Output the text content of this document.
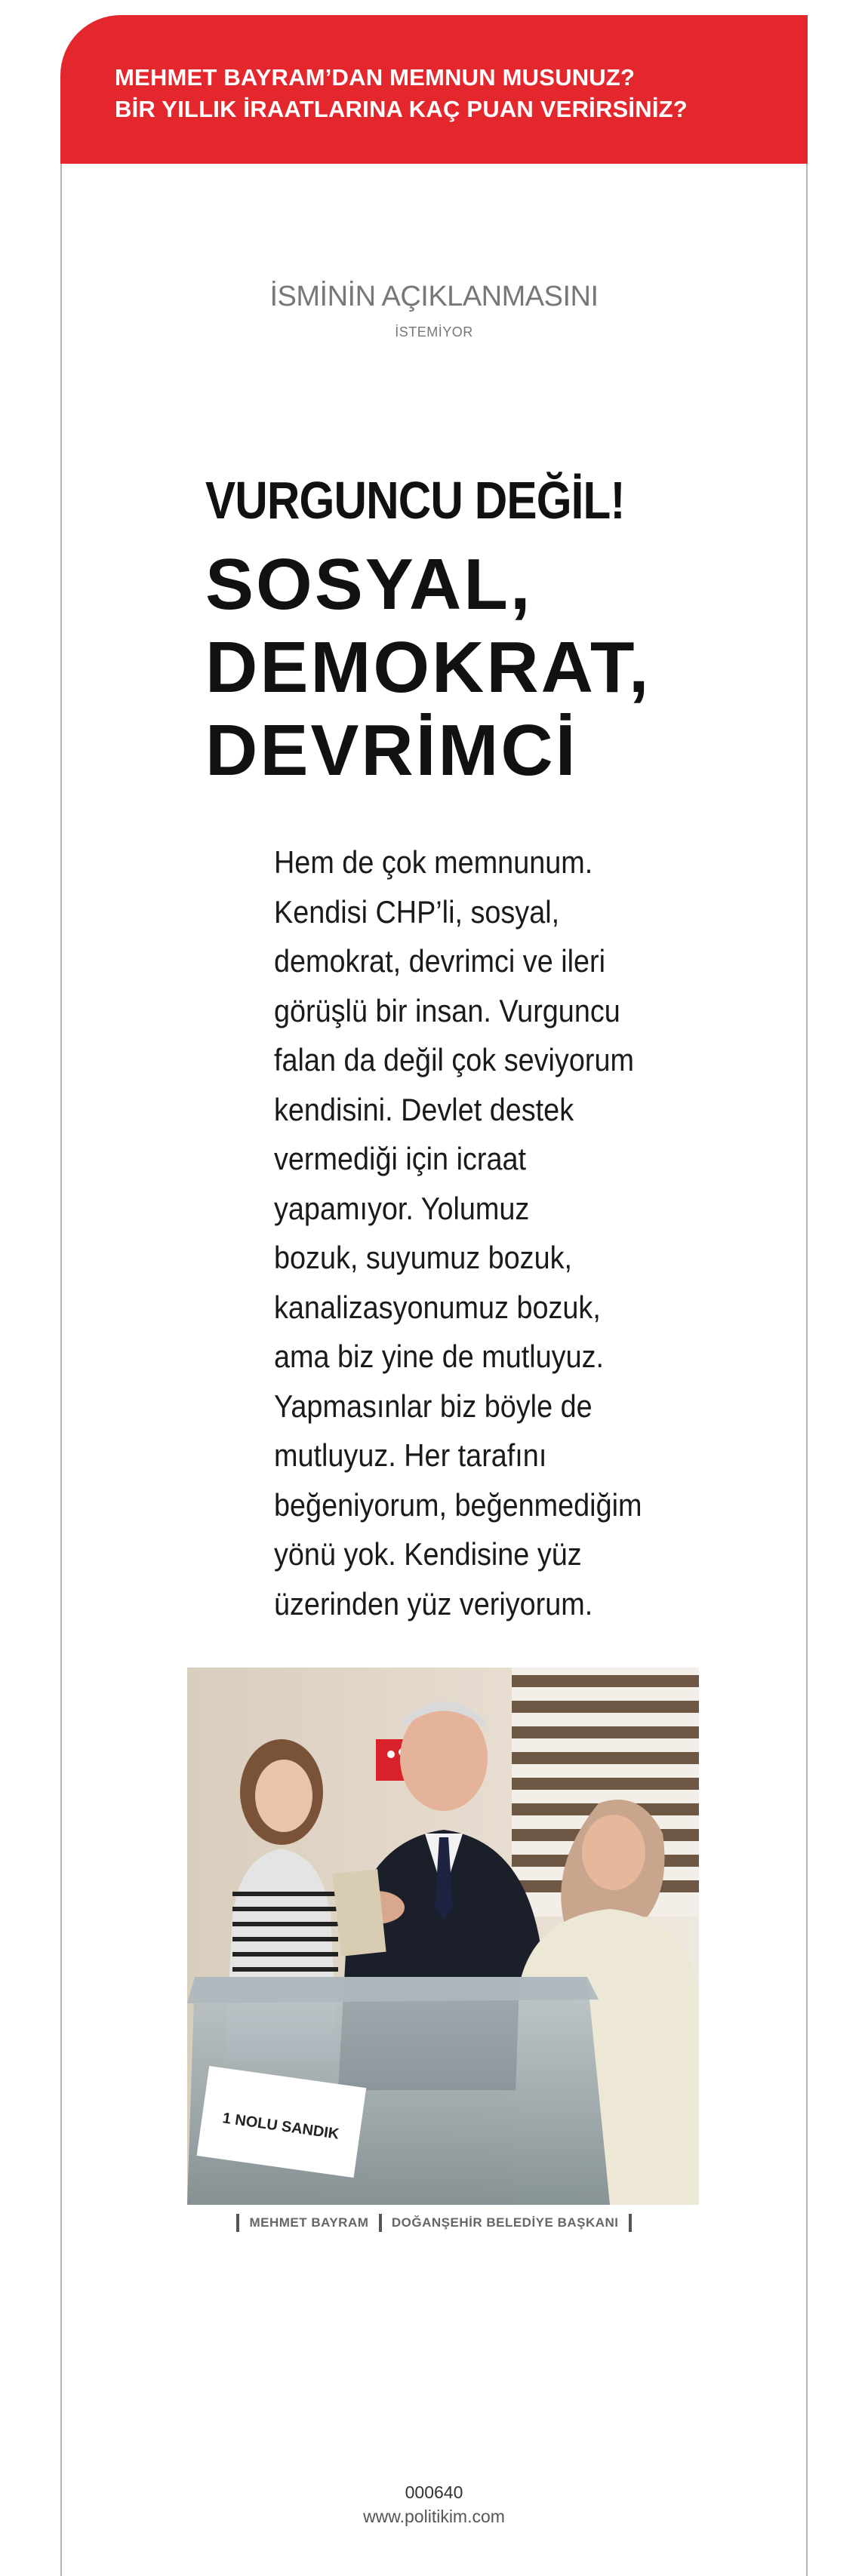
MEHMET BAYRAM’DAN MEMNUN MUSUNUZ?
BİR YILLIK İRAATLARINA KAÇ PUAN VERİRSİNİZ?
İSMİNİN AÇIKLANMASINI
İSTEMİYOR
VURGUNCU DEĞİL!
SOSYAL,
DEMOKRAT,
DEVRİMCİ
Hem de çok memnunum.
Kendisi CHP’li, sosyal,
demokrat, devrimci ve ileri
görüşlü bir insan. Vurguncu
falan da değil çok seviyorum
kendisini. Devlet destek
vermediği için icraat
yapamıyor. Yolumuz
bozuk, suyumuz bozuk,
kanalizasyonumuz bozuk,
ama biz yine de mutluyuz.
Yapmasınlar biz böyle de
mutluyuz. Her tarafını
beğeniyorum, beğenmediğim
yönü yok. Kendisine yüz
üzerinden yüz veriyorum.
1 NOLU SANDIK
MEHMET BAYRAM DOĞANŞEHİR BELEDİYE BAŞKANI
000640
www.politikim.com
